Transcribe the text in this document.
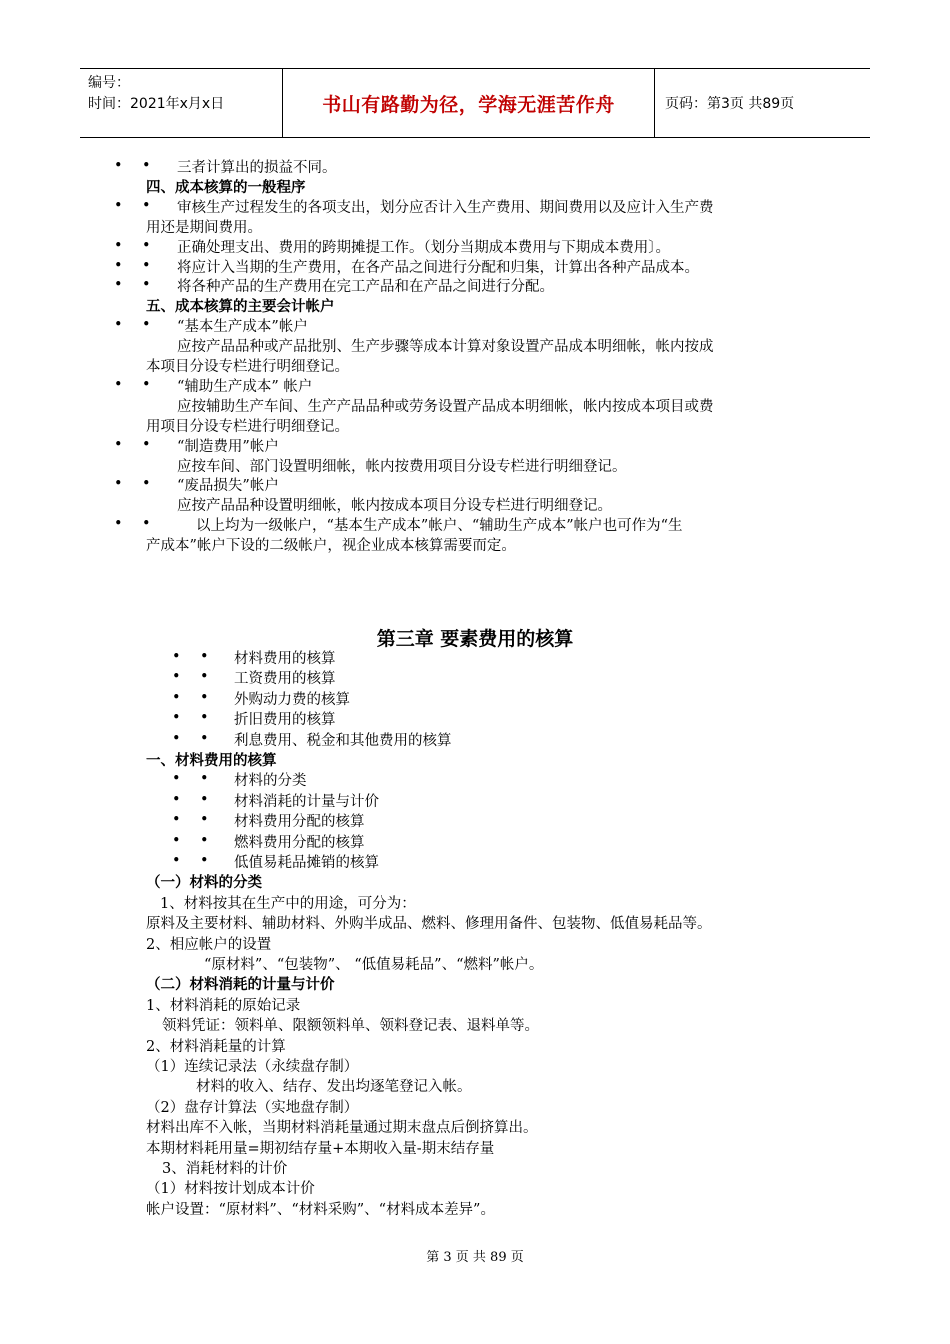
编号：
时间：2021年x月x日	书山有路勤为径，学海无涯苦作舟	页码：第3页 共89页
第三章 要素费用的核算
• • 三者计算出的损益不同。
四、成本核算的一般程序
• • 审核生产过程发生的各项支出，划分应否计入生产费用、期间费用以及应计入生产费
用还是期间费用。
• • 正确处理支出、费用的跨期摊提工作。（划分当期成本费用与下期成本费用〕。
• • 将应计入当期的生产费用，在各产品之间进行分配和归集，计算出各种产品成本。
• • 将各种产品的生产费用在完工产品和在产品之间进行分配。
五、成本核算的主要会计帐户
• • “基本生产成本”帐户
应按产品品种或产品批别、生产步骤等成本计算对象设置产品成本明细帐，帐内按成
本项目分设专栏进行明细登记。
• • “辅助生产成本” 帐户
应按辅助生产车间、生产产品品种或劳务设置产品成本明细帐，帐内按成本项目或费
用项目分设专栏进行明细登记。
• • “制造费用”帐户
应按车间、部门设置明细帐，帐内按费用项目分设专栏进行明细登记。
• • “废品损失”帐户
应按产品品种设置明细帐，帐内按成本项目分设专栏进行明细登记。
• •	以上均为一级帐户，“基本生产成本”帐户、“辅助生产成本”帐户也可作为“生
产成本”帐户下设的二级帐户，视企业成本核算需要而定。
• • 材料费用的核算
• • 工资费用的核算
• • 外购动力费的核算
• • 折旧费用的核算
• • 利息费用、税金和其他费用的核算
一、材料费用的核算
• • 材料的分类
• • 材料消耗的计量与计价
• • 材料费用分配的核算
• • 燃料费用分配的核算
• • 低值易耗品摊销的核算
（一）材料的分类
1、材料按其在生产中的用途，可分为：
原料及主要材料、辅助材料、外购半成品、燃料、修理用备件、包装物、低值易耗品等。
2、相应帐户的设置
“原材料”、“包装物”、 “低值易耗品”、“燃料”帐户。
（二）材料消耗的计量与计价
1、材料消耗的原始记录
领料凭证：领料单、限额领料单、领料登记表、退料单等。
2、材料消耗量的计算
（1）连续记录法（永续盘存制）
材料的收入、结存、发出均逐笔登记入帐。
（2）盘存计算法（实地盘存制）
材料出库不入帐，当期材料消耗量通过期末盘点后倒挤算出。
本期材料耗用量=期初结存量+本期收入量-期末结存量
3、消耗材料的计价
（1）材料按计划成本计价
帐户设置：“原材料”、“材料采购”、“材料成本差异”。
第 3 页 共 89 页
